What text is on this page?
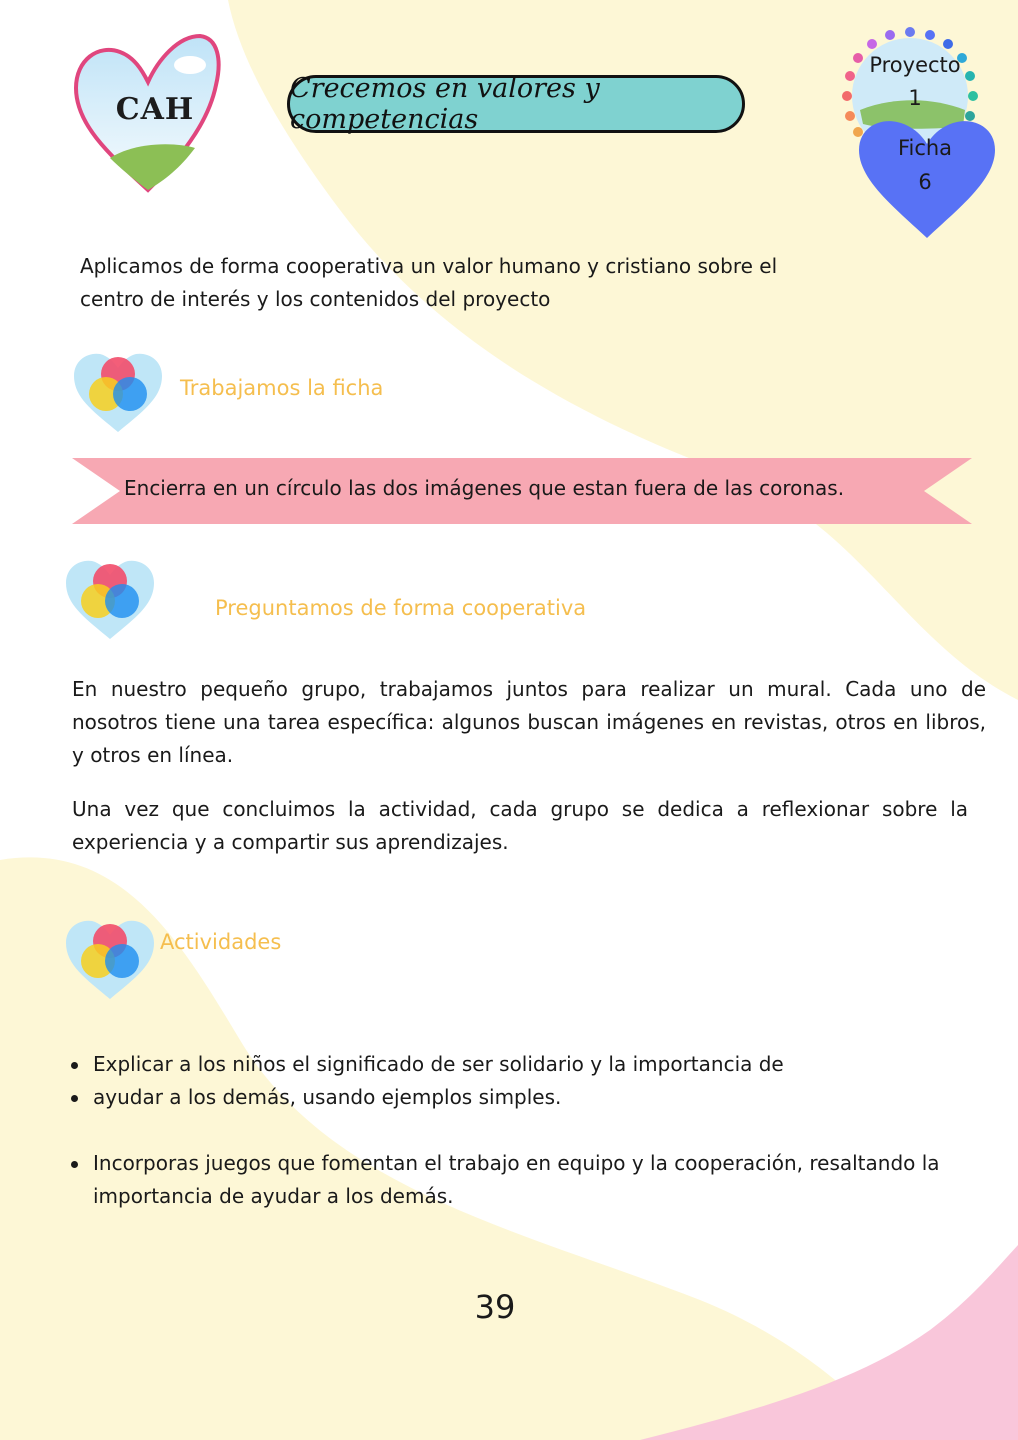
CAH
Crecemos en valores y competencias
Proyecto
1
Ficha
6
Aplicamos de forma cooperativa un valor humano y cristiano sobre el centro de interés y los contenidos del proyecto
Trabajamos la ficha
Encierra en un círculo las dos imágenes que estan fuera de las coronas.
Preguntamos de forma cooperativa
En nuestro pequeño grupo, trabajamos juntos para realizar un mural. Cada uno de nosotros tiene una tarea específica: algunos buscan imágenes en revistas, otros en libros, y otros en línea.
Una vez que concluimos la actividad, cada grupo se dedica a reflexionar sobre la experiencia y a compartir sus aprendizajes.
Actividades
Explicar a los niños el significado de ser solidario y la importancia de
ayudar a los demás, usando ejemplos simples.
Incorporas juegos que fomentan el trabajo en equipo y la cooperación, resaltando la importancia de ayudar a los demás.
39
